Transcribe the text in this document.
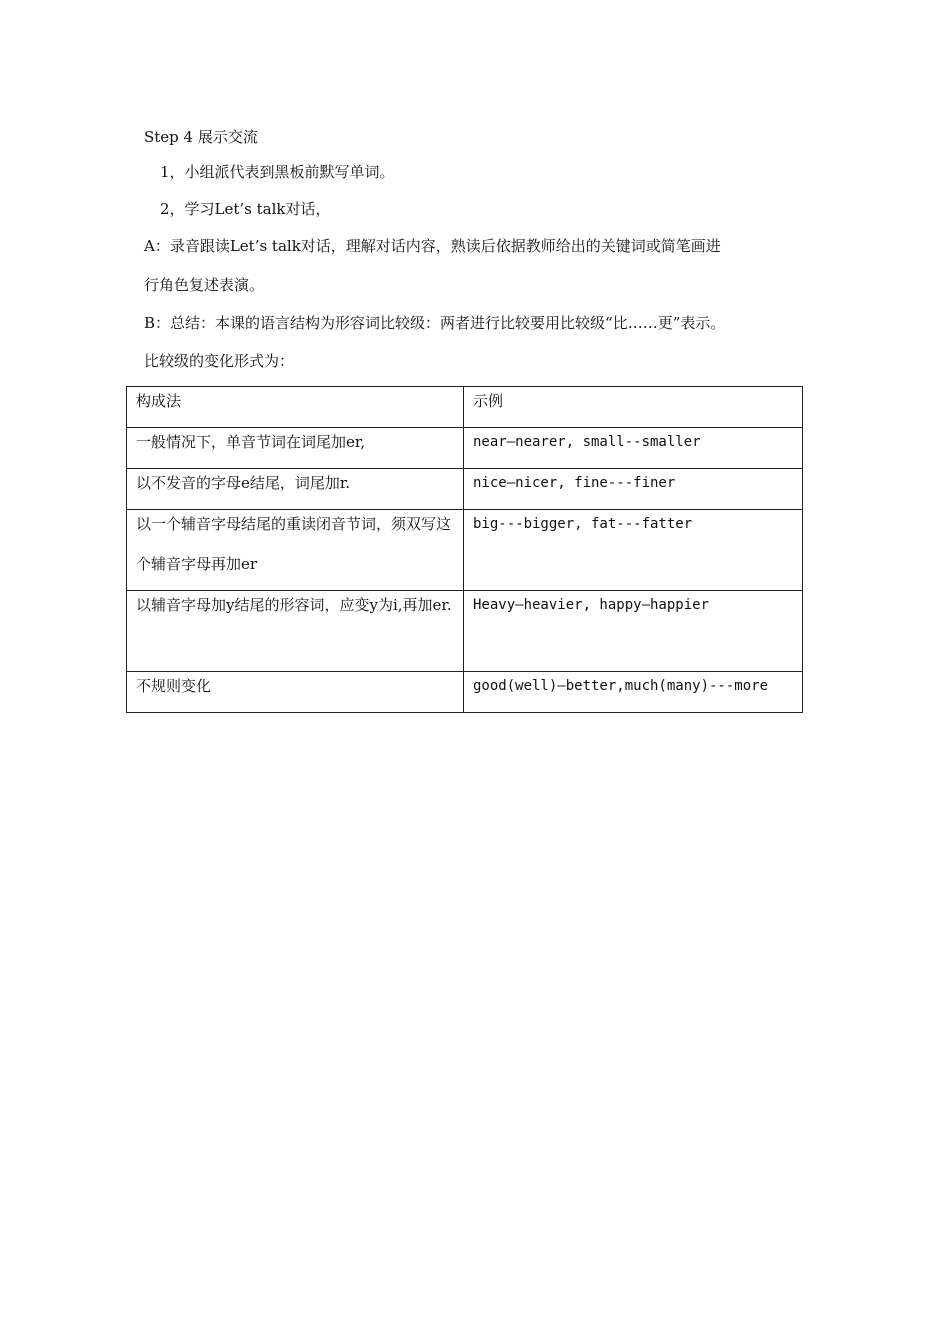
Step 4 展示交流
1，小组派代表到黑板前默写单词。
2，学习Let’s talk对话，
A：录音跟读Let’s talk对话，理解对话内容，熟读后依据教师给出的关键词或简笔画进
行角色复述表演。
B：总结：本课的语言结构为形容词比较级：两者进行比较要用比较级“比……更”表示。
比较级的变化形式为：
构成法	示例

一般情况下，单音节词在词尾加er,	near—nearer, small--smaller

以不发音的字母e结尾，词尾加r.	nice—nicer, fine---finer

以一个辅音字母结尾的重读闭音节词，须双写这个辅音字母再加er	big---bigger, fat---fatter

以辅音字母加y结尾的形容词，应变y为i,再加er.	Heavy—heavier, happy—happier

不规则变化	good(well)—better,much(many)---more
